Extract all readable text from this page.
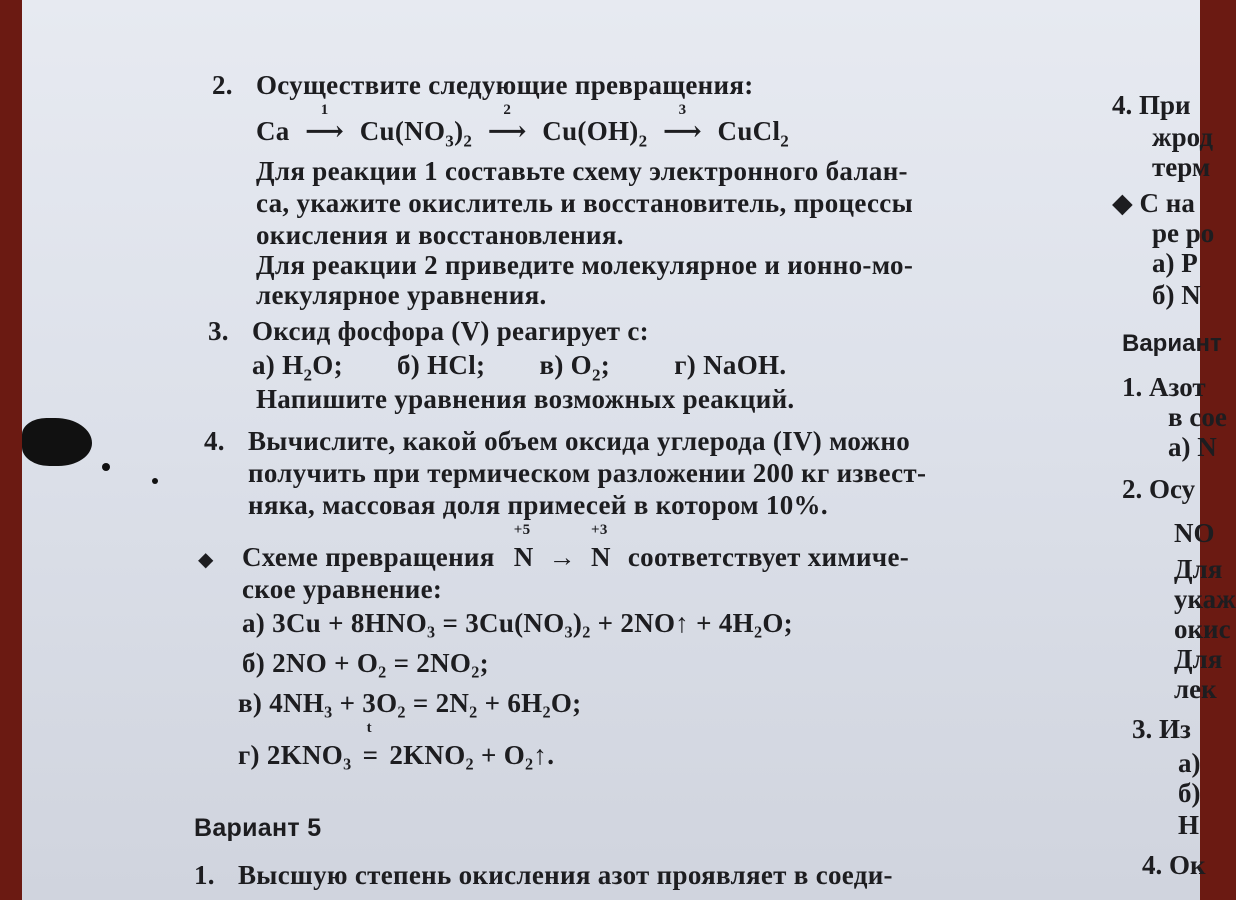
2. Осуществите следующие превращения:
Ca
1
⟶ $Cu(NO_3)_2$
2
⟶ $Cu(OH)_2$
3
⟶ CuCl$_2$
Для реакции 1 составьте схему электронного балан-
са, укажите окислитель и восстановитель, процессы
окисления и восстановления.
Для реакции 2 приведите молекулярное и ионно-мо-
лекулярное уравнения.
3. Оксид фосфора (V) реагирует с:
а) $H_2O$; б) HCl; в) $O_2$; г) NaOH.
Напишите уравнения возможных реакций.
4. Вычислите, какой объем оксида углерода (IV) можно
получить при термическом разложении 200 кг извест-
няка, массовая доля примесей в котором 10%.
◆ Схеме превращения
+5
N →
+3
N соответствует химиче-
ское уравнение:
а) 3Cu + 8HNO₃ = 3Cu(NO₃)₂ + 2NO↑ + 4H₂O;
б) 2NO + O₂ = 2NO₂;
в) 4NH₃ + 3O₂ = 2N₂ + 6H₂O;
г) 2KNO₃
t
= 2KNO₂ + O₂↑.
Вариант 5
1. Высшую степень окисления азот проявляет в соеди-
4. При
жрод
терм
◆ С на
ре ро
а) P
б) N
Вариант
1. Азот
в сое
а) N
2. Осу
NO
Для
укаж
окис
Для
лек
3. Из
а)
б)
Н
4. Ок
